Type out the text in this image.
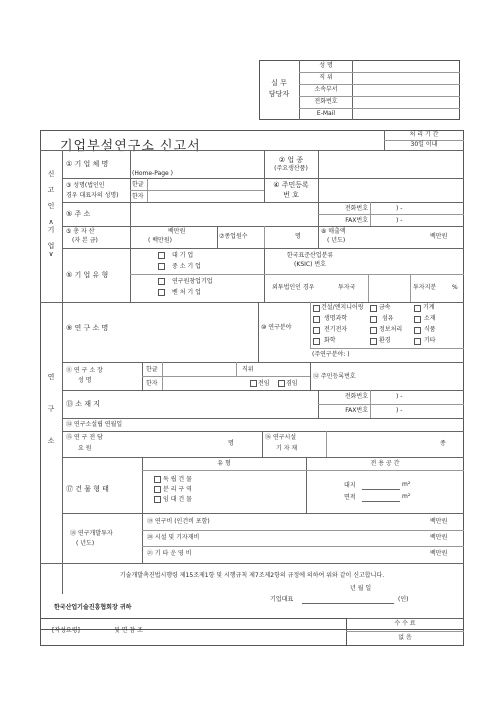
실 무
담당자
성 명
직 위
소속부서
전화번호
E-Mail
기업부설연구소 신고서
처 리 기 간
30일 이내
신

고

인

∧
기

업
∨
연

구

소
① 기 업 체 명
(Home-Page )
② 업 종
(주요생산품)
③ 성명(법인인
경우 대표자의 성명)
한글
한자
④ 주민등록
번 호
⑤ 주 소
전화번호
FAX번호
) -
) -
⑤ 총 자 산
(자 본 금)
백만원
( 백만원)
⑦종업원수	명
⑧ 매출액
( 년도)
백만원
⑤ 기 업 유 형
대 기 업
중 소 기 업
연구원창업기업
벤 처 기 업
한국표준산업분류
(KSIC) 번호
외투법인인 경우	투자국	투자지분	%
⑨ 연 구 소 명	⑩ 연구분야
건설/엔지니어링	금속	기계
생명과학	섬유	소재
전기전자	정보처리	식품
화학	환경	기타
(주연구분야: )
⑪ 연 구 소 장
성 명
한글
한자
직위
전임	겸임
⑫ 주민등록번호
⑬ 소 재 지
전화번호
FAX번호
) -
) -
⑭ 연구소설립 연월일
⑮ 연 구 전 담
요 원
명
⑯ 연구시설
기 자 재
종
⑰ 건 물 형 태
유 형	전 용 공 간
독 립 건 물
분 리 구 역
임 대 건 물
대지	m²
면적	m²
⑱ 연구개발투자
( 년도)
⑲ 연구비 (인건비 포함)	백만원
⑳ 시설 및 기자재비	백만원
㉑ 기 타 운 영 비	백만원
기술개발촉진법시행령 제15조제1항 및 시행규칙 제7조제2항의 규정에 의하여 위와 같이 신고합니다.
년 월 일
기업대표	(인)
한국산업기술진흥협회장 귀하
[작성요령]	뒷 면 참 조
수 수 료
없 음
